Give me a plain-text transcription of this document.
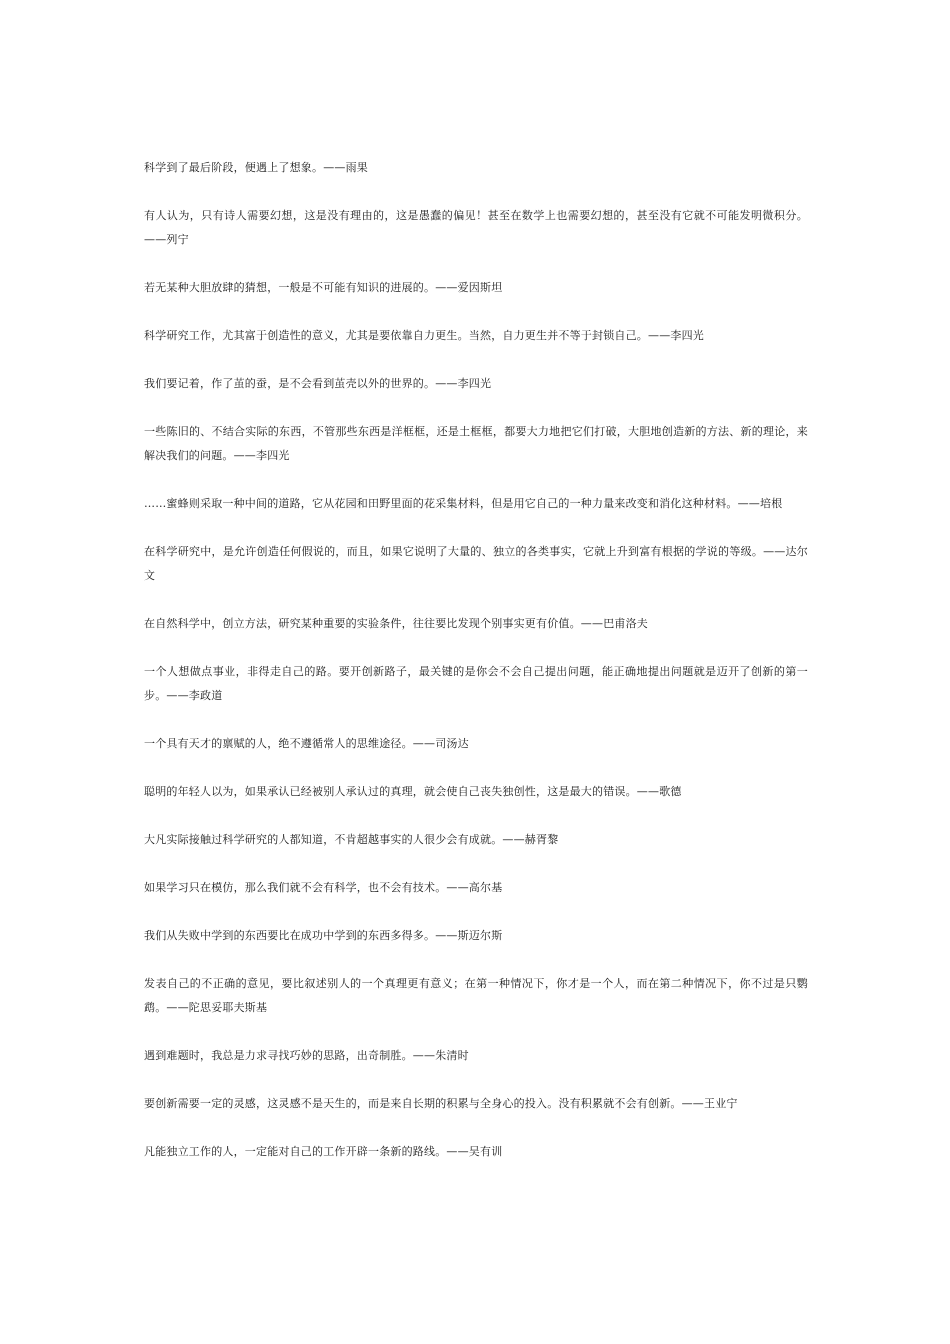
科学到了最后阶段，便遇上了想象。——雨果

有人认为，只有诗人需要幻想，这是没有理由的，这是愚蠢的偏见！甚至在数学上也需要幻想的，甚至没有它就不可能发明微积分。——列宁

若无某种大胆放肆的猜想，一般是不可能有知识的进展的。——爱因斯坦

科学研究工作，尤其富于创造性的意义，尤其是要依靠自力更生。当然，自力更生并不等于封锁自己。——李四光

我们要记着，作了茧的蚕，是不会看到茧壳以外的世界的。——李四光

一些陈旧的、不结合实际的东西，不管那些东西是洋框框，还是土框框，都要大力地把它们打破，大胆地创造新的方法、新的理论，来解决我们的问题。——李四光

……蜜蜂则采取一种中间的道路，它从花园和田野里面的花采集材料，但是用它自己的一种力量来改变和消化这种材料。——培根

在科学研究中，是允许创造任何假说的，而且，如果它说明了大量的、独立的各类事实，它就上升到富有根据的学说的等级。——达尔文

在自然科学中，创立方法，研究某种重要的实验条件，往往要比发现个别事实更有价值。——巴甫洛夫

一个人想做点事业，非得走自己的路。要开创新路子，最关键的是你会不会自己提出问题，能正确地提出问题就是迈开了创新的第一步。——李政道

一个具有天才的禀赋的人，绝不遵循常人的思维途径。——司汤达

聪明的年轻人以为，如果承认已经被别人承认过的真理，就会使自己丧失独创性，这是最大的错误。——歌德

大凡实际接触过科学研究的人都知道，不肯超越事实的人很少会有成就。——赫胥黎

如果学习只在模仿，那么我们就不会有科学，也不会有技术。——高尔基

我们从失败中学到的东西要比在成功中学到的东西多得多。——斯迈尔斯

发表自己的不正确的意见，要比叙述别人的一个真理更有意义；在第一种情况下，你才是一个人，而在第二种情况下，你不过是只鹦鹉。——陀思妥耶夫斯基

遇到难题时，我总是力求寻找巧妙的思路，出奇制胜。——朱清时

要创新需要一定的灵感，这灵感不是天生的，而是来自长期的积累与全身心的投入。没有积累就不会有创新。——王业宁

凡能独立工作的人，一定能对自己的工作开辟一条新的路线。——吴有训
